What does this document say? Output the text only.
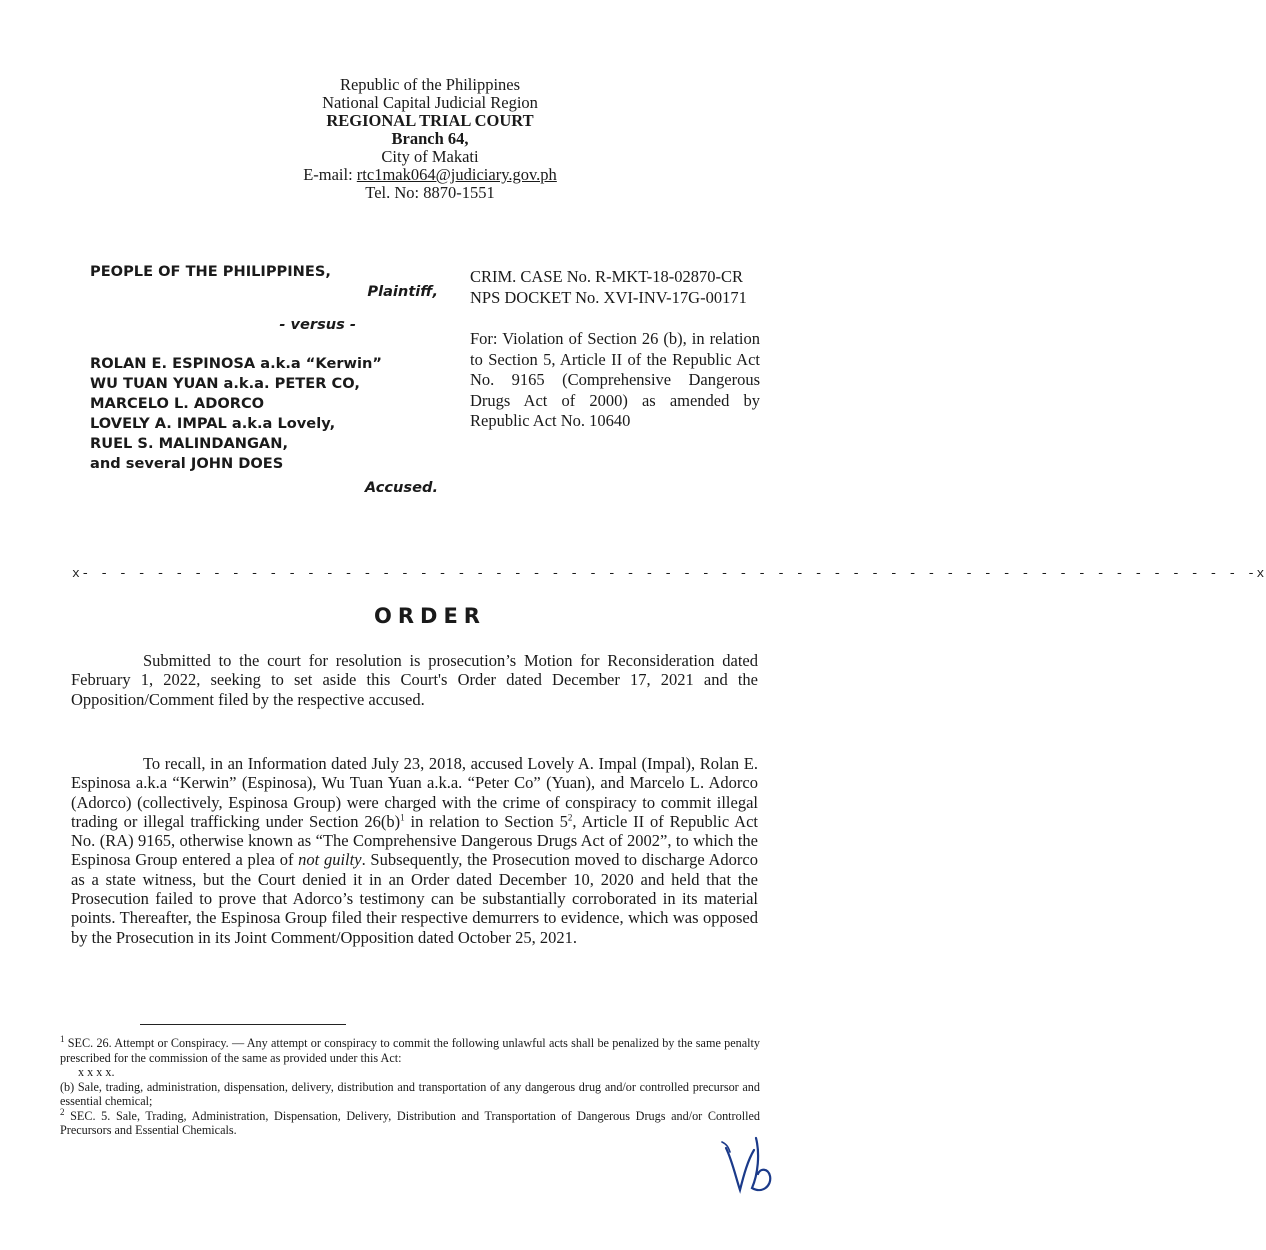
Republic of the Philippines
National Capital Judicial Region
REGIONAL TRIAL COURT
Branch 64,
City of Makati
E-mail: rtc1mak064@judiciary.gov.ph
Tel. No: 8870-1551
PEOPLE OF THE PHILIPPINES,
Plaintiff,
- versus -
ROLAN E. ESPINOSA a.k.a “Kerwin”
WU TUAN YUAN a.k.a. PETER CO,
MARCELO L. ADORCO
LOVELY A. IMPAL a.k.a Lovely,
RUEL S. MALINDANGAN,
and several JOHN DOES
Accused.
CRIM. CASE No. R-MKT-18-02870-CR
NPS DOCKET No. XVI-INV-17G-00171
For: Violation of Section 26 (b), in relation to Section 5, Article II of the Republic Act No. 9165 (Comprehensive Dangerous Drugs Act of 2000) as amended by Republic Act No. 10640
x- - - - - - - - - - - - - - - - - - - - - - - - - - - - - - - - - - - - - - - - - - - - - - - - - - - - - - - - - - - - - - -x
ORDER
Submitted to the court for resolution is prosecution’s Motion for Reconsideration dated February 1, 2022, seeking to set aside this Court's Order dated December 17, 2021 and the Opposition/Comment filed by the respective accused.
To recall, in an Information dated July 23, 2018, accused Lovely A. Impal (Impal), Rolan E. Espinosa a.k.a “Kerwin” (Espinosa), Wu Tuan Yuan a.k.a. “Peter Co” (Yuan), and Marcelo L. Adorco (Adorco) (collectively, Espinosa Group) were charged with the crime of conspiracy to commit illegal trading or illegal trafficking under Section $26(b)^1$ in relation to Section $5^2$, Article II of Republic Act No. (RA) 9165, otherwise known as “The Comprehensive Dangerous Drugs Act of 2002”, to which the Espinosa Group entered a plea of not guilty. Subsequently, the Prosecution moved to discharge Adorco as a state witness, but the Court denied it in an Order dated December 10, 2020 and held that the Prosecution failed to prove that Adorco’s testimony can be substantially corroborated in its material points. Thereafter, the Espinosa Group filed their respective demurrers to evidence, which was opposed by the Prosecution in its Joint Comment/Opposition dated October 25, 2021.

$^1$ SEC. 26. Attempt or Conspiracy. — Any attempt or conspiracy to commit the following unlawful acts shall be penalized by the same penalty prescribed for the commission of the same as provided under this Act:

x x x x.

(b) Sale, trading, administration, dispensation, delivery, distribution and transportation of any dangerous drug and/or controlled precursor and essential chemical;

$^2$ SEC. 5. Sale, Trading, Administration, Dispensation, Delivery, Distribution and Transportation of Dangerous Drugs and/or Controlled Precursors and Essential Chemicals.
